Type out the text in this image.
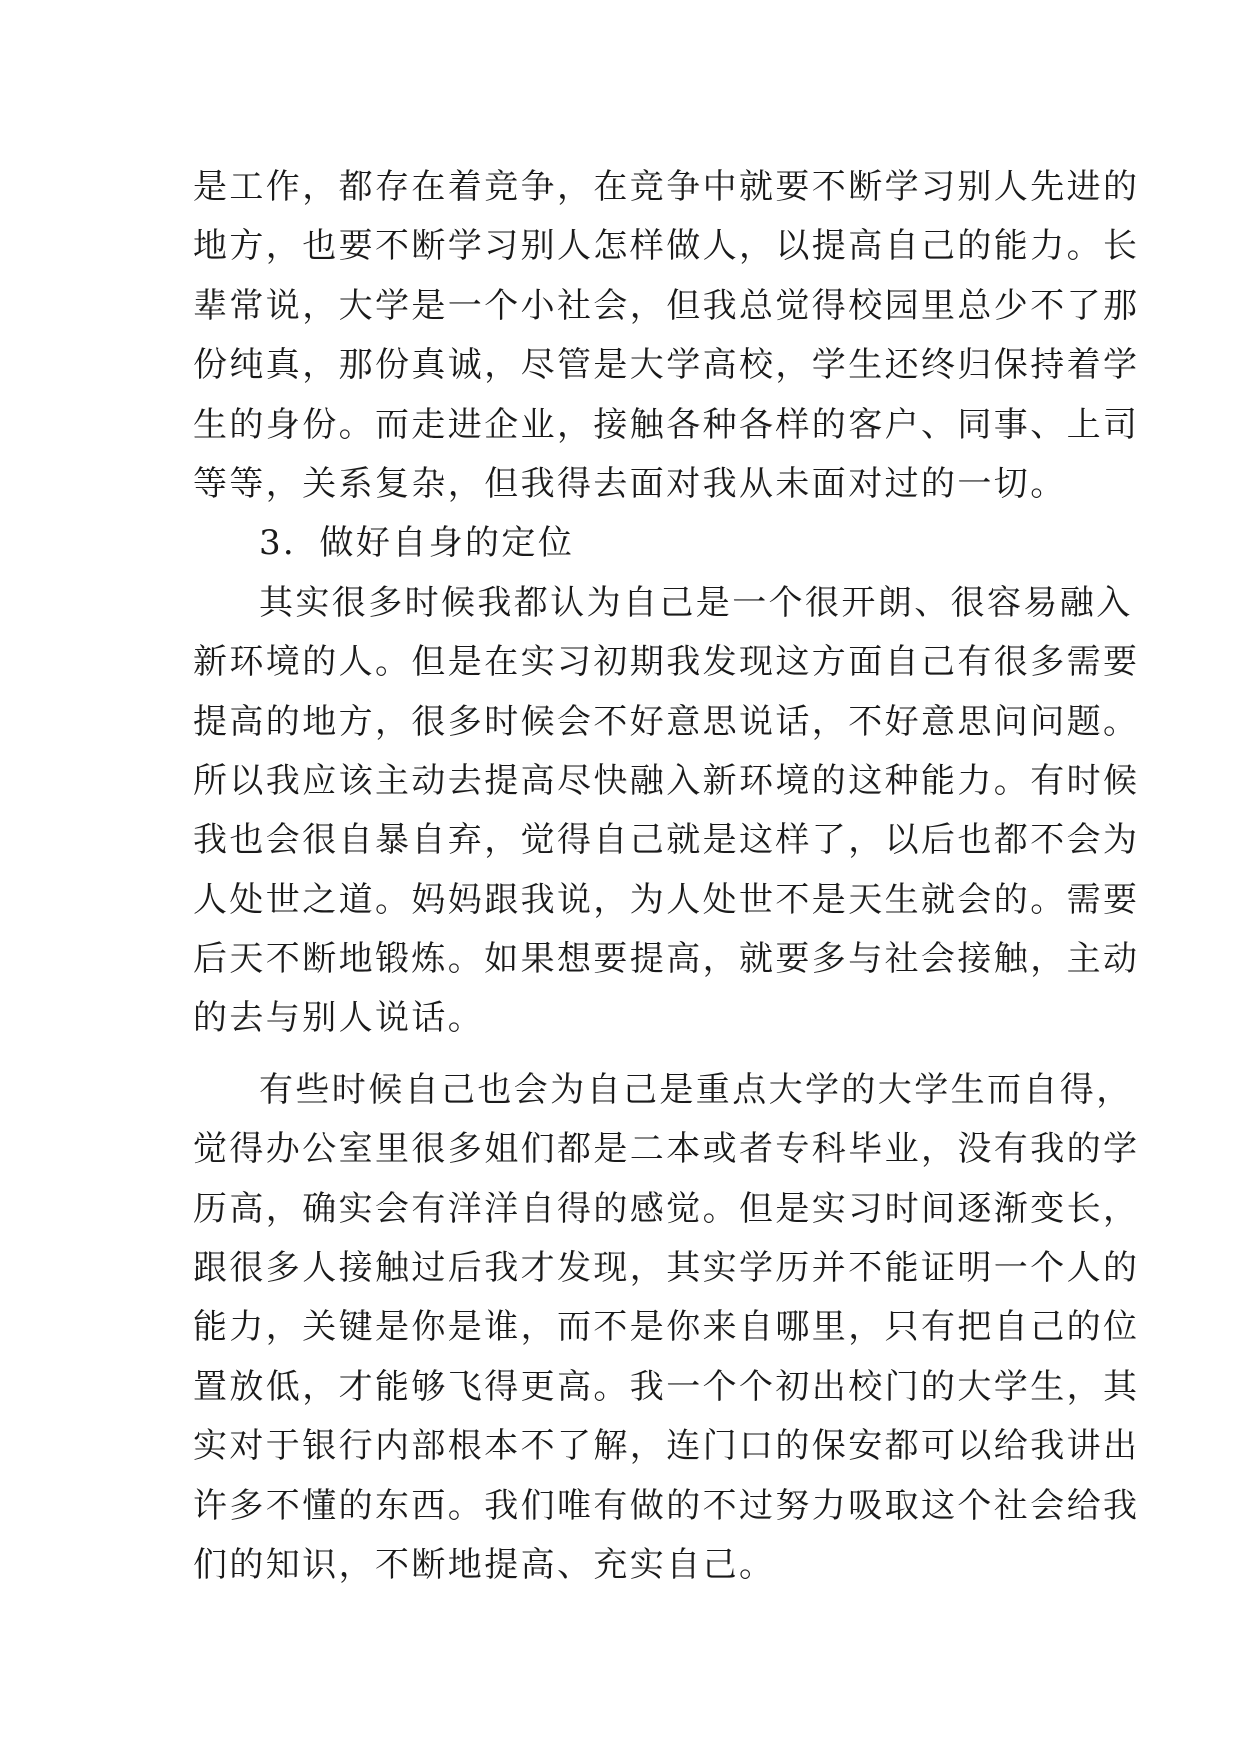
是工作，都存在着竞争，在竞争中就要不断学习别人先进的
地方，也要不断学习别人怎样做人，以提高自己的能力。长
辈常说，大学是一个小社会，但我总觉得校园里总少不了那
份纯真，那份真诚，尽管是大学高校，学生还终归保持着学
生的身份。而走进企业，接触各种各样的客户、同事、上司
等等，关系复杂，但我得去面对我从未面对过的一切。
3．做好自身的定位
其实很多时候我都认为自己是一个很开朗、很容易融入
新环境的人。但是在实习初期我发现这方面自己有很多需要
提高的地方，很多时候会不好意思说话，不好意思问问题。
所以我应该主动去提高尽快融入新环境的这种能力。有时候
我也会很自暴自弃，觉得自己就是这样了，以后也都不会为
人处世之道。妈妈跟我说，为人处世不是天生就会的。需要
后天不断地锻炼。如果想要提高，就要多与社会接触，主动
的去与别人说话。
有些时候自己也会为自己是重点大学的大学生而自得，
觉得办公室里很多姐们都是二本或者专科毕业，没有我的学
历高，确实会有洋洋自得的感觉。但是实习时间逐渐变长，
跟很多人接触过后我才发现，其实学历并不能证明一个人的
能力，关键是你是谁，而不是你来自哪里，只有把自己的位
置放低，才能够飞得更高。我一个个初出校门的大学生，其
实对于银行内部根本不了解，连门口的保安都可以给我讲出
许多不懂的东西。我们唯有做的不过努力吸取这个社会给我
们的知识，不断地提高、充实自己。
